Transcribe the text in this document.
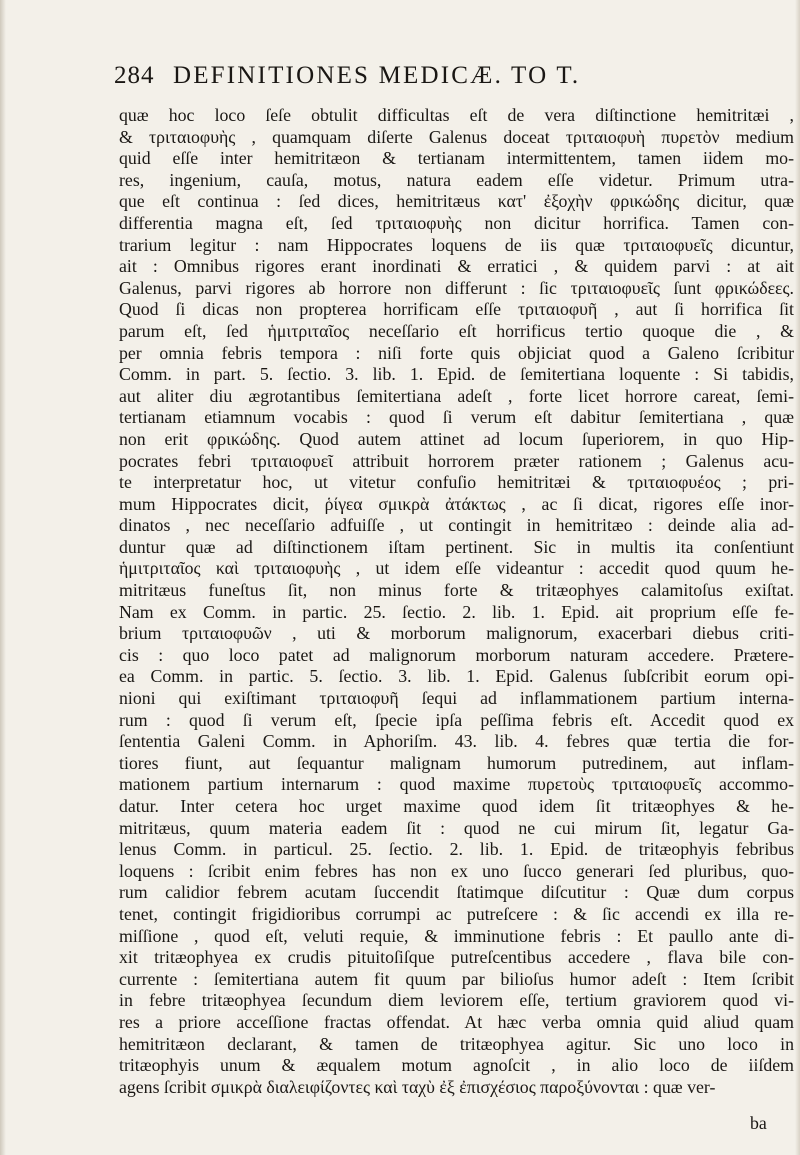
284 DEFINITIONES MEDICÆ. TO T.
quæ hoc loco ſeſe obtulit difficultas eſt de vera diſtinctione hemitritæi ,
& τριταιοφυὴς , quamquam diſerte Galenus doceat τριταιοφυὴ πυρετὸν medium
quid eſſe inter hemitritæon & tertianam intermittentem, tamen iidem mo-
res, ingenium, cauſa, motus, natura eadem eſſe videtur. Primum utra-
que eſt continua : ſed dices, hemitritæus κατ' ἐξοχὴν φρικώδης dicitur, quæ
differentia magna eſt, ſed τριταιοφυὴς non dicitur horrifica. Tamen con-
trarium legitur : nam Hippocrates loquens de iis quæ τριταιοφυεῖς dicuntur,
ait : Omnibus rigores erant inordinati & erratici , & quidem parvi : at ait
Galenus, parvi rigores ab horrore non differunt : ſic τριταιοφυεῖς ſunt φρικώδεες.
Quod ſi dicas non propterea horrificam eſſe τριταιοφυῆ , aut ſi horrifica ſit
parum eſt, ſed ἡμιτριταῖος neceſſario eſt horrificus tertio quoque die , &
per omnia febris tempora : niſi forte quis objiciat quod a Galeno ſcribitur
Comm. in part. 5. ſectio. 3. lib. 1. Epid. de ſemitertiana loquente : Si tabidis,
aut aliter diu ægrotantibus ſemitertiana adeſt , forte licet horrore careat, ſemi-
tertianam etiamnum vocabis : quod ſi verum eſt dabitur ſemitertiana , quæ
non erit φρικώδης. Quod autem attinet ad locum ſuperiorem, in quo Hip-
pocrates febri τριταιοφυεῖ attribuit horrorem præter rationem ; Galenus acu-
te interpretatur hoc, ut vitetur confuſio hemitritæi & τριταιοφυέος ; pri-
mum Hippocrates dicit, ῥίγεα σμικρὰ ἀτάκτως , ac ſi dicat, rigores eſſe inor-
dinatos , nec neceſſario adfuiſſe , ut contingit in hemitritæo : deinde alia ad-
duntur quæ ad diſtinctionem iſtam pertinent. Sic in multis ita conſentiunt
ἡμιτριταῖος καὶ τριταιοφυὴς , ut idem eſſe videantur : accedit quod quum he-
mitritæus funeſtus ſit, non minus forte & tritæophyes calamitoſus exiſtat.
Nam ex Comm. in partic. 25. ſectio. 2. lib. 1. Epid. ait proprium eſſe fe-
brium τριταιοφυῶν , uti & morborum malignorum, exacerbari diebus criti-
cis : quo loco patet ad malignorum morborum naturam accedere. Prætere-
ea Comm. in partic. 5. ſectio. 3. lib. 1. Epid. Galenus ſubſcribit eorum opi-
nioni qui exiſtimant τριταιοφυῆ ſequi ad inflammationem partium interna-
rum : quod ſi verum eſt, ſpecie ipſa peſſima febris eſt. Accedit quod ex
ſententia Galeni Comm. in Aphoriſm. 43. lib. 4. febres quæ tertia die for-
tiores fiunt, aut ſequantur malignam humorum putredinem, aut inflam-
mationem partium internarum : quod maxime πυρετοὺς τριταιοφυεῖς accommo-
datur. Inter cetera hoc urget maxime quod idem ſit tritæophyes & he-
mitritæus, quum materia eadem ſit : quod ne cui mirum ſit, legatur Ga-
lenus Comm. in particul. 25. ſectio. 2. lib. 1. Epid. de tritæophyis febribus
loquens : ſcribit enim febres has non ex uno ſucco generari ſed pluribus, quo-
rum calidior febrem acutam ſuccendit ſtatimque diſcutitur : Quæ dum corpus
tenet, contingit frigidioribus corrumpi ac putreſcere : & ſic accendi ex illa re-
miſſione , quod eſt, veluti requie, & imminutione febris : Et paullo ante di-
xit tritæophyea ex crudis pituitoſiſque putreſcentibus accedere , flava bile con-
currente : ſemitertiana autem fit quum par bilioſus humor adeſt : Item ſcribit
in febre tritæophyea ſecundum diem leviorem eſſe, tertium graviorem quod vi-
res a priore acceſſione fractas offendat. At hæc verba omnia quid aliud quam
hemitritæon declarant, & tamen de tritæophyea agitur. Sic uno loco in
tritæophyis unum & æqualem motum agnoſcit , in alio loco de iiſdem
agens ſcribit σμικρὰ διαλειφίζοντες καὶ ταχὺ ἐξ ἐπισχέσιος παροξύνονται : quæ ver-
ba
